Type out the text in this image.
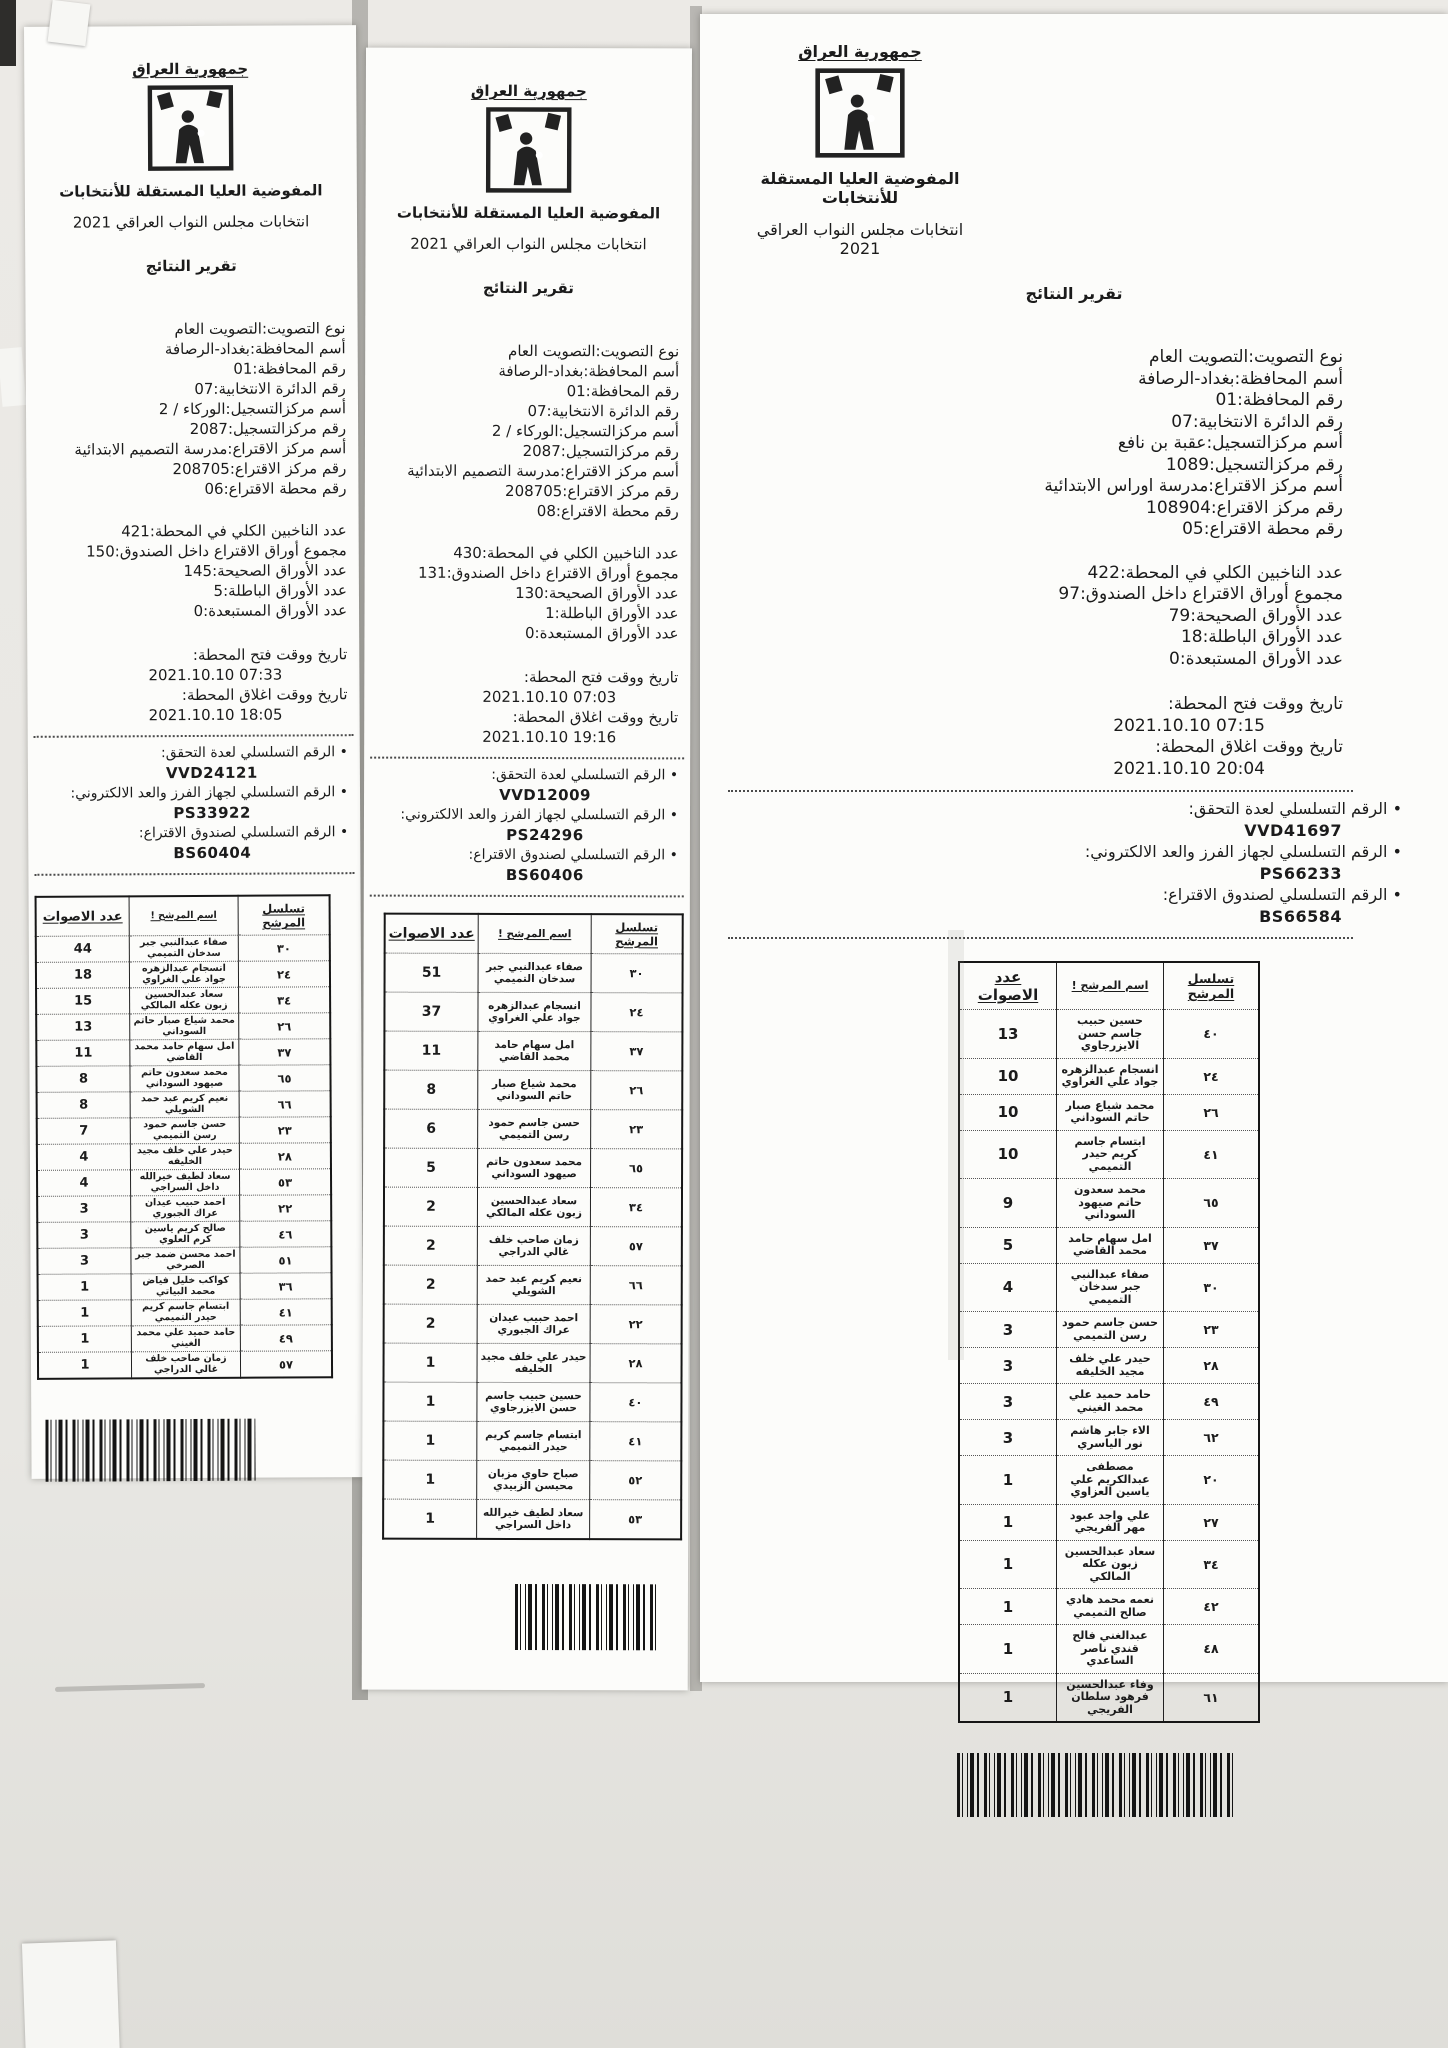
جمهورية العراق
المفوضية العليا المستقلة للأنتخابات
انتخابات مجلس النواب العراقي 2021
تقرير النتائج
نوع التصويت:التصويت العام
أسم المحافظة:بغداد-الرصافة
رقم المحافظة:01
رقم الدائرة الانتخابية:07
أسم مركزالتسجيل:الوركاء / 2
رقم مركزالتسجيل:2087
أسم مركز الاقتراع:مدرسة التصميم الابتدائية
رقم مركز الاقتراع:208705
رقم محطة الاقتراع:06
عدد الناخبين الكلي في المحطة:421
مجموع أوراق الاقتراع داخل الصندوق:150
عدد الأوراق الصحيحة:145
عدد الأوراق الباطلة:5
عدد الأوراق المستبعدة:0
تاريخ ووقت فتح المحطة:
2021.10.10 07:33
تاريخ ووقت اغلاق المحطة:
2021.10.10 18:05
• الرقم التسلسلي لعدة التحقق:
VVD24121
• الرقم التسلسلي لجهاز الفرز والعد الالكتروني:
PS33922
• الرقم التسلسلي لصندوق الاقتراع:
BS60404
تسلسل المرشح	اسم المرشح !	عدد الاصوات
٣٠	صفاء عبدالنبي جبر سدخان التميمي	44
٢٤	انسجام عبدالزهره جواد علي الغراوي	18
٣٤	سعاد عبدالحسين زبون عكله المالكي	15
٢٦	محمد شياع صبار حاتم السوداني	13
٣٧	امل سهام حامد محمد القاضي	11
٦٥	محمد سعدون حاتم صيهود السوداني	8
٦٦	نعيم كريم عبد حمد الشويلي	8
٢٣	حسن جاسم حمود رسن التميمي	7
٢٨	حيدر علي خلف مجيد الخليفه	4
٥٣	سعاد لطيف خيرالله داخل السراجي	4
٢٢	احمد حبيب عيدان عراك الجبوري	3
٤٦	صالح كريم ياسين كرم العلوي	3
٥١	احمد محسن ضمد جبر الصرخي	3
٣٦	كواكب خليل فياض محمد البياتي	1
٤١	ابتسام جاسم كريم حيدر التميمي	1
٤٩	حامد حميد علي محمد الغيني	1
٥٧	زمان صاحب خلف غالي الدراجي	1
جمهورية العراق
المفوضية العليا المستقلة للأنتخابات
انتخابات مجلس النواب العراقي 2021
تقرير النتائج
نوع التصويت:التصويت العام
أسم المحافظة:بغداد-الرصافة
رقم المحافظة:01
رقم الدائرة الانتخابية:07
أسم مركزالتسجيل:الوركاء / 2
رقم مركزالتسجيل:2087
أسم مركز الاقتراع:مدرسة التصميم الابتدائية
رقم مركز الاقتراع:208705
رقم محطة الاقتراع:08
عدد الناخبين الكلي في المحطة:430
مجموع أوراق الاقتراع داخل الصندوق:131
عدد الأوراق الصحيحة:130
عدد الأوراق الباطلة:1
عدد الأوراق المستبعدة:0
تاريخ ووقت فتح المحطة:
2021.10.10 07:03
تاريخ ووقت اغلاق المحطة:
2021.10.10 19:16
• الرقم التسلسلي لعدة التحقق:
VVD12009
• الرقم التسلسلي لجهاز الفرز والعد الالكتروني:
PS24296
• الرقم التسلسلي لصندوق الاقتراع:
BS60406
تسلسل المرشح	اسم المرشح !	عدد الاصوات
٣٠	صفاء عبدالنبي جبر سدخان التميمي	51
٢٤	انسجام عبدالزهره جواد علي الغراوي	37
٣٧	امل سهام حامد محمد القاضي	11
٢٦	محمد شياع صبار حاتم السوداني	8
٢٣	حسن جاسم حمود رسن التميمي	6
٦٥	محمد سعدون حاتم صيهود السوداني	5
٣٤	سعاد عبدالحسين زبون عكله المالكي	2
٥٧	زمان صاحب خلف غالي الدراجي	2
٦٦	نعيم كريم عبد حمد الشويلي	2
٢٢	احمد حبيب عيدان عراك الجبوري	2
٢٨	حيدر علي خلف مجيد الخليفه	1
٤٠	حسين حبيب جاسم حسن الايزرجاوي	1
٤١	ابتسام جاسم كريم حيدر التميمي	1
٥٢	صباح حاوي مزبان محيسن الزبيدي	1
٥٣	سعاد لطيف خيرالله داخل السراجي	1
جمهورية العراق
المفوضية العليا المستقلة للأنتخابات
انتخابات مجلس النواب العراقي 2021
تقرير النتائج
نوع التصويت:التصويت العام
أسم المحافظة:بغداد-الرصافة
رقم المحافظة:01
رقم الدائرة الانتخابية:07
أسم مركزالتسجيل:عقبة بن نافع
رقم مركزالتسجيل:1089
أسم مركز الاقتراع:مدرسة اوراس الابتدائية
رقم مركز الاقتراع:108904
رقم محطة الاقتراع:05
عدد الناخبين الكلي في المحطة:422
مجموع أوراق الاقتراع داخل الصندوق:97
عدد الأوراق الصحيحة:79
عدد الأوراق الباطلة:18
عدد الأوراق المستبعدة:0
تاريخ ووقت فتح المحطة:
2021.10.10 07:15
تاريخ ووقت اغلاق المحطة:
2021.10.10 20:04
• الرقم التسلسلي لعدة التحقق:
VVD41697
• الرقم التسلسلي لجهاز الفرز والعد الالكتروني:
PS66233
• الرقم التسلسلي لصندوق الاقتراع:
BS66584
تسلسل المرشح	اسم المرشح !	عدد الاصوات
٤٠	حسين حبيب جاسم حسن الايزرجاوي	13
٢٤	انسجام عبدالزهره جواد علي الغراوي	10
٢٦	محمد شياع صبار حاتم السوداني	10
٤١	ابتسام جاسم كريم حيدر التميمي	10
٦٥	محمد سعدون حاتم صيهود السوداني	9
٣٧	امل سهام حامد محمد القاضي	5
٣٠	صفاء عبدالنبي جبر سدخان التميمي	4
٢٣	حسن جاسم حمود رسن التميمي	3
٢٨	حيدر علي خلف مجيد الخليفه	3
٤٩	حامد حميد علي محمد الغيني	3
٦٢	الاء جابر هاشم نور الياسري	3
٢٠	مصطفى عبدالكريم علي ياسين العزاوي	1
٢٧	علي واجد عبود مهر الفريجي	1
٣٤	سعاد عبدالحسين زبون عكله المالكي	1
٤٢	نعمه محمد هادي صالح التميمي	1
٤٨	عبدالغني فالح قندي ناصر الساعدي	1
٦١	وفاء عبدالحسين فرهود سلطان الفريجي	1
